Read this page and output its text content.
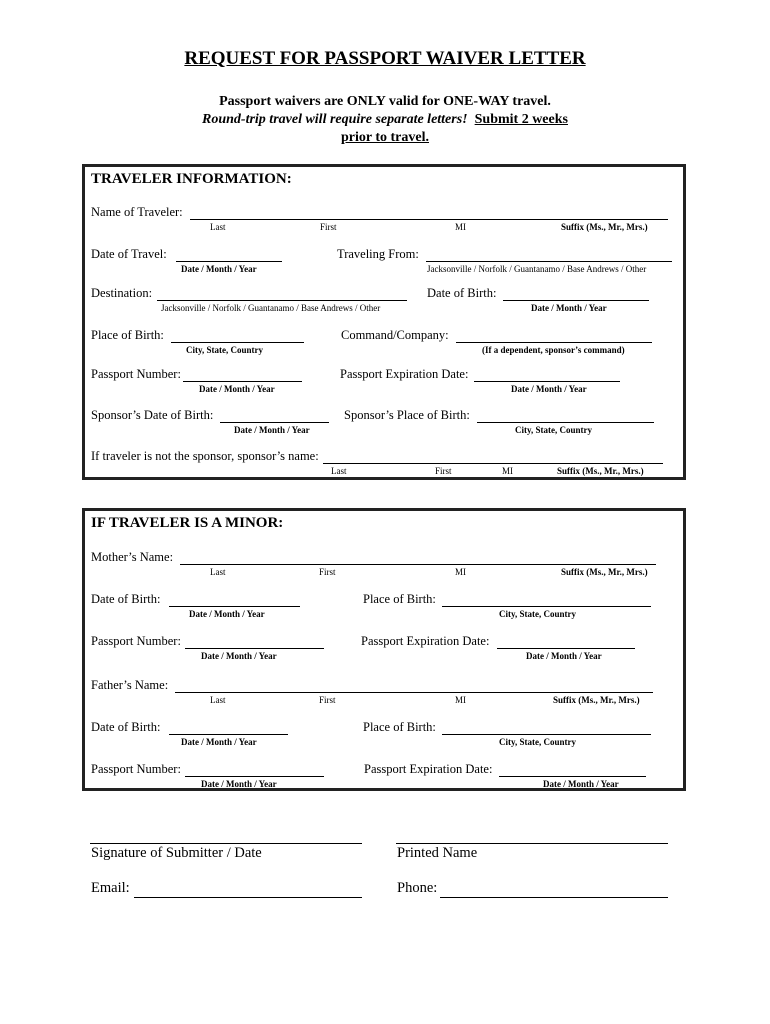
REQUEST FOR PASSPORT WAIVER LETTER
Passport waivers are ONLY valid for ONE-WAY travel.
Round-trip travel will require separate letters! Submit 2 weeks
prior to travel.
TRAVELER INFORMATION:
Name of Traveler:
Last	First	MI	Suffix (Ms., Mr., Mrs.)
Date of Travel:
Date / Month / Year
Traveling From:
Jacksonville / Norfolk / Guantanamo / Base Andrews / Other
Destination:
Jacksonville / Norfolk / Guantanamo / Base Andrews / Other
Date of Birth:
Date / Month / Year
Place of Birth:
City, State, Country
Command/Company:
(If a dependent, sponsor’s command)
Passport Number:
Date / Month / Year
Passport Expiration Date:
Date / Month / Year
Sponsor’s Date of Birth:
Date / Month / Year
Sponsor’s Place of Birth:
City, State, Country
If traveler is not the sponsor, sponsor’s name:
Last	First	MI	Suffix (Ms., Mr., Mrs.)
IF TRAVELER IS A MINOR:
Mother’s Name:
Last	First	MI	Suffix (Ms., Mr., Mrs.)
Date of Birth:
Date / Month / Year
Place of Birth:
City, State, Country
Passport Number:
Date / Month / Year
Passport Expiration Date:
Date / Month / Year
Father’s Name:
Last	First	MI	Suffix (Ms., Mr., Mrs.)
Date of Birth:
Date / Month / Year
Place of Birth:
City, State, Country
Passport Number:
Date / Month / Year
Passport Expiration Date:
Date / Month / Year
Signature of Submitter / Date	Printed Name
Email:	Phone:
